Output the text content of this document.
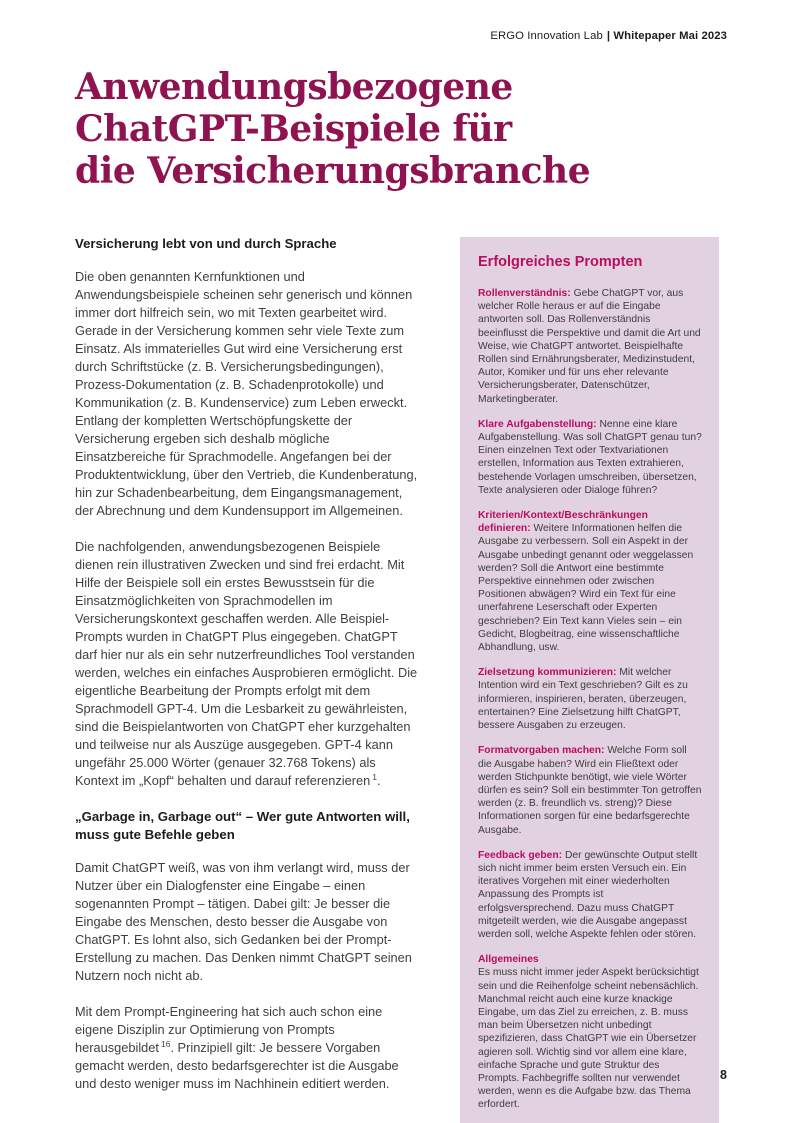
ERGO Innovation Lab | Whitepaper Mai 2023
Anwendungsbezogene
ChatGPT-Beispiele für
die Versicherungsbranche
Versicherung lebt von und durch Sprache

Die oben genannten Kernfunktionen und Anwendungsbeispiele scheinen sehr generisch und können immer dort hilfreich sein, wo mit Texten gearbeitet wird. Gerade in der Versicherung kommen sehr viele Texte zum Einsatz. Als immaterielles Gut wird eine Versicherung erst durch Schriftstücke (z. B. Versicherungsbedingungen), Prozess-Dokumentation (z. B. Schadenprotokolle) und Kommunikation (z. B. Kundenservice) zum Leben erweckt. Entlang der kompletten Wertschöpfungskette der Versicherung ergeben sich deshalb mögliche Einsatzbereiche für Sprachmodelle. Angefangen bei der Produktentwicklung, über den Vertrieb, die Kundenberatung, hin zur Schadenbearbeitung, dem Eingangsmanagement, der Abrechnung und dem Kundensupport im Allgemeinen.

Die nachfolgenden, anwendungsbezogenen Beispiele dienen rein illustrativen Zwecken und sind frei erdacht. Mit Hilfe der Beispiele soll ein erstes Bewusstsein für die Einsatzmöglichkeiten von Sprachmodellen im Versicherungskontext geschaffen werden. Alle Beispiel-Prompts wurden in ChatGPT Plus eingegeben. ChatGPT darf hier nur als ein sehr nutzerfreundliches Tool verstanden werden, welches ein einfaches Ausprobieren ermöglicht. Die eigentliche Bearbeitung der Prompts erfolgt mit dem Sprachmodell GPT-4. Um die Lesbarkeit zu gewährleisten, sind die Beispielantworten von ChatGPT eher kurzgehalten und teilweise nur als Auszüge ausgegeben. GPT-4 kann ungefähr 25.000 Wörter (genauer 32.768 Tokens) als Kontext im „Kopf“ behalten und darauf referenzieren $^1$.

„Garbage in, Garbage out“ – Wer gute Antworten will, muss gute Befehle geben

Damit ChatGPT weiß, was von ihm verlangt wird, muss der Nutzer über ein Dialogfenster eine Eingabe – einen sogenannten Prompt – tätigen. Dabei gilt: Je besser die Eingabe des Menschen, desto besser die Ausgabe von ChatGPT. Es lohnt also, sich Gedanken bei der Prompt-Erstellung zu machen. Das Denken nimmt ChatGPT seinen Nutzern noch nicht ab.

Mit dem Prompt-Engineering hat sich auch schon eine eigene Disziplin zur Optimierung von Prompts herausgebildet $^{16}$. Prinzipiell gilt: Je bessere Vorgaben gemacht werden, desto bedarfsgerechter ist die Ausgabe und desto weniger muss im Nachhinein editiert werden.

Erfolgreiches Prompten
Rollenverständnis: Gebe ChatGPT vor, aus welcher Rolle heraus er auf die Eingabe antworten soll. Das Rollenverständnis beeinflusst die Perspektive und damit die Art und Weise, wie ChatGPT antwortet. Beispielhafte Rollen sind Ernährungsberater, Medizinstudent, Autor, Komiker und für uns eher relevante Versicherungsberater, Datenschützer, Marketingberater.
Klare Aufgabenstellung: Nenne eine klare Aufgabenstellung. Was soll ChatGPT genau tun? Einen einzelnen Text oder Textvariationen erstellen, Information aus Texten extrahieren, bestehende Vorlagen umschreiben, übersetzen, Texte analysieren oder Dialoge führen?
Kriterien/Kontext/Beschränkungen definieren: Weitere Informationen helfen die Ausgabe zu verbessern. Soll ein Aspekt in der Ausgabe unbedingt genannt oder weggelassen werden? Soll die Antwort eine bestimmte Perspektive einnehmen oder zwischen Positionen abwägen? Wird ein Text für eine unerfahrene Leserschaft oder Experten geschrieben? Ein Text kann Vieles sein – ein Gedicht, Blogbeitrag, eine wissenschaftliche Abhandlung, usw.
Zielsetzung kommunizieren: Mit welcher Intention wird ein Text geschrieben? Gilt es zu informieren, inspirieren, beraten, überzeugen, entertainen? Eine Zielsetzung hilft ChatGPT, bessere Ausgaben zu erzeugen.
Formatvorgaben machen: Welche Form soll die Ausgabe haben? Wird ein Fließtext oder werden Stichpunkte benötigt, wie viele Wörter dürfen es sein? Soll ein bestimmter Ton getroffen werden (z. B. freundlich vs. streng)? Diese Informationen sorgen für eine bedarfsgerechte Ausgabe.
Feedback geben: Der gewünschte Output stellt sich nicht immer beim ersten Versuch ein. Ein iteratives Vorgehen mit einer wiederholten Anpassung des Prompts ist erfolgsversprechend. Dazu muss ChatGPT mitgeteilt werden, wie die Ausgabe angepasst werden soll, welche Aspekte fehlen oder stören.
Allgemeines
Es muss nicht immer jeder Aspekt berücksichtigt sein und die Reihenfolge scheint nebensächlich. Manchmal reicht auch eine kurze knackige Eingabe, um das Ziel zu erreichen, z. B. muss man beim Übersetzen nicht unbedingt spezifizieren, dass ChatGPT wie ein Übersetzer agieren soll. Wichtig sind vor allem eine klare, einfache Sprache und gute Struktur des Prompts. Fachbegriffe sollten nur verwendet werden, wenn es die Aufgabe bzw. das Thema erfordert.
8
